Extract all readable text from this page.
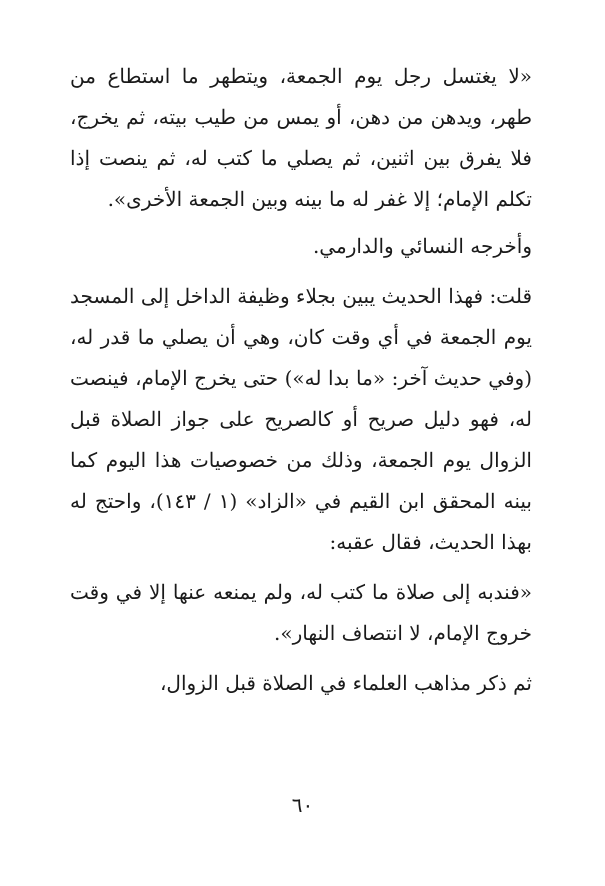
«لا يغتسل رجل يوم الجمعة، ويتطهر ما استطاع من طهر، ويدهن من دهن، أو يمس من طيب بيته، ثم يخرج، فلا يفرق بين اثنين، ثم يصلي ما كتب له، ثم ينصت إذا تكلم الإمام؛ إلا غفر له ما بينه وبين الجمعة الأخرى».

وأخرجه النسائي والدارمي.

قلت: فهذا الحديث يبين بجلاء وظيفة الداخل إلى المسجد يوم الجمعة في أي وقت كان، وهي أن يصلي ما قدر له، (وفي حديث آخر: «ما بدا له») حتى يخرج الإمام، فينصت له، فهو دليل صريح أو كالصريح على جواز الصلاة قبل الزوال يوم الجمعة، وذلك من خصوصيات هذا اليوم كما بينه المحقق ابن القيم في «الزاد» (١ / ١٤٣)، واحتج له بهذا الحديث، فقال عقبه:

«فندبه إلى صلاة ما كتب له، ولم يمنعه عنها إلا في وقت خروج الإمام، لا انتصاف النهار».

ثم ذكر مذاهب العلماء في الصلاة قبل الزوال،

٦٠
